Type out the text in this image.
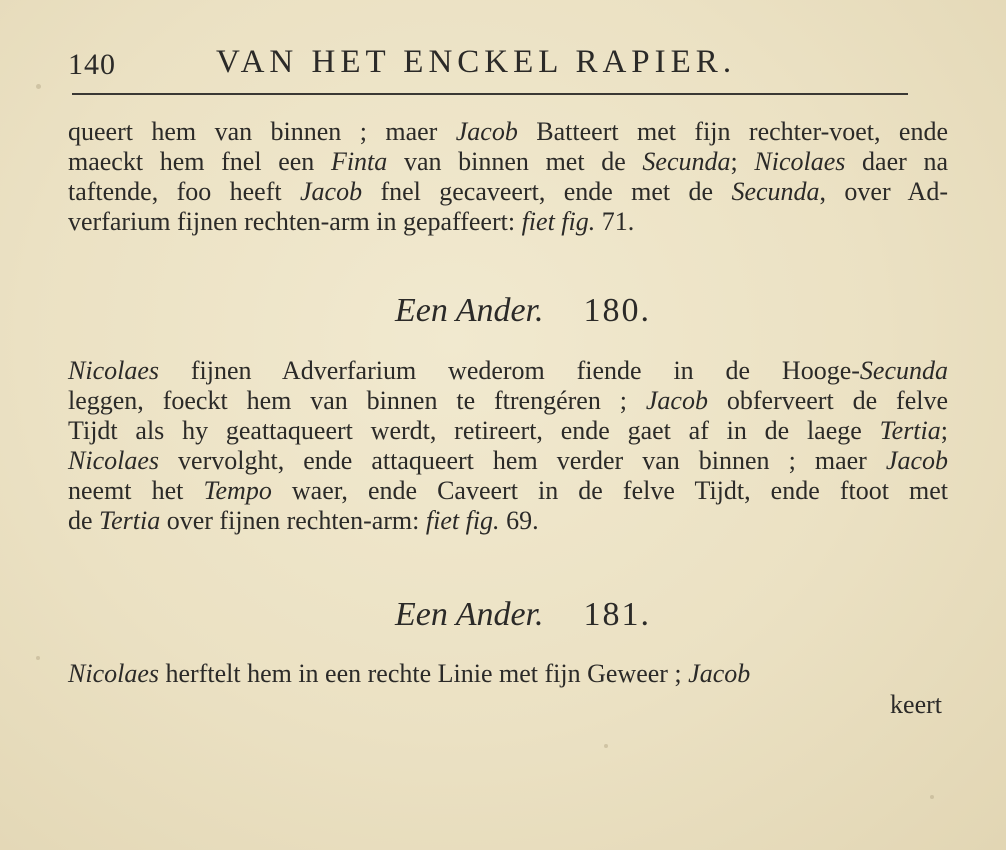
140	VAN HET ENCKEL RAPIER.
queert hem van binnen ; maer Jacob Batteert met fijn rechter-voet, ende
maeckt hem fnel een Finta van binnen met de Secunda; Nicolaes daer na
taftende, foo heeft Jacob fnel gecaveert, ende met de Secunda, over Ad-
verfarium fijnen rechten-arm in gepaffeert: fiet fig. 71.
Een Ander. 180.
Nicolaes fijnen Adverfarium wederom fiende in de Hooge-Secunda
leggen, foeckt hem van binnen te ftrengéren ; Jacob obferveert de felve
Tijdt als hy geattaqueert werdt, retireert, ende gaet af in de laege Tertia;
Nicolaes vervolght, ende attaqueert hem verder van binnen ; maer Jacob
neemt het Tempo waer, ende Caveert in de felve Tijdt, ende ftoot met
de Tertia over fijnen rechten-arm: fiet fig. 69.
Een Ander. 181.
Nicolaes herftelt hem in een rechte Linie met fijn Geweer ; Jacob
keert
